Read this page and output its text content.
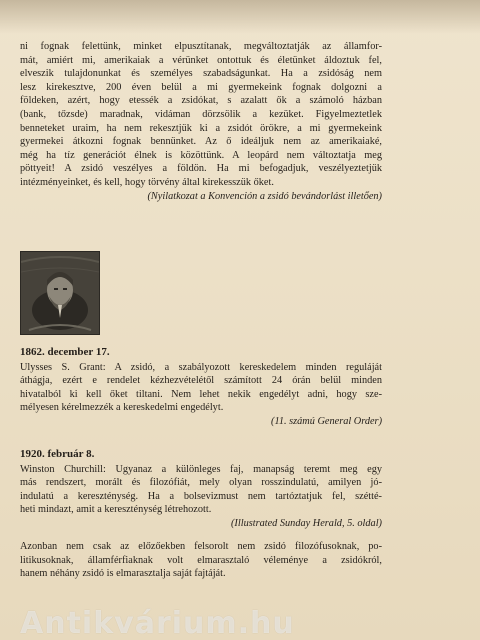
ni fognak felettünk, minket elpusztítanak, megváltoztatják az államfor-
mát, amiért mi, amerikaiak a vérünket ontottuk és életünket áldoztuk fel,
elveszik tulajdonunkat és személyes szabadságunkat. Ha a zsidóság nem
lesz kirekesztve, 200 éven belül a mi gyermekeink fognak dolgozni a
földeken, azért, hogy etessék a zsidókat, s azalatt ők a számoló házban
(bank, tőzsde) maradnak, vidáman dörzsölik a kezüket. Figyelmeztetlek
benneteket uraim, ha nem rekesztjük ki a zsidót örökre, a mi gyermekeink
gyermekei átkozni fognak bennünket. Az ő ideáljuk nem az amerikaiaké,
még ha tíz generációt élnek is közöttünk. A leopárd nem változtatja meg
pöttyeit! A zsidó veszélyes a földön. Ha mi befogadjuk, veszélyeztetjük
intézményeinket, és kell, hogy törvény által kirekesszük őket.
(Nyilatkozat a Konvención a zsidó bevándorlást illetően)
1862. december 17.
Ulysses S. Grant: A zsidó, a szabályozott kereskedelem minden reguláját
áthágja, ezért e rendelet kézhezvételétől számított 24 órán belül minden
hivatalból ki kell őket tiltani. Nem lehet nekik engedélyt adni, hogy sze-
mélyesen kérelmezzék a kereskedelmi engedélyt.
(11. számú General Order)
1920. február 8.
Winston Churchill: Ugyanaz a különleges faj, manapság teremt meg egy
más rendszert, morált és filozófiát, mely olyan rosszindulatú, amilyen jó-
indulatú a kereszténység. Ha a bolsevizmust nem tartóztatjuk fel, szétté-
heti mindazt, amit a kereszténység létrehozott.
(Illustrated Sunday Herald, 5. oldal)
Azonban nem csak az előzőekben felsorolt nem zsidó filozófusoknak, po-
litikusoknak, államférfiaknak volt elmarasztaló véleménye a zsidókról,
hanem néhány zsidó is elmarasztalja saját fajtáját.
Antikvárium.hu
